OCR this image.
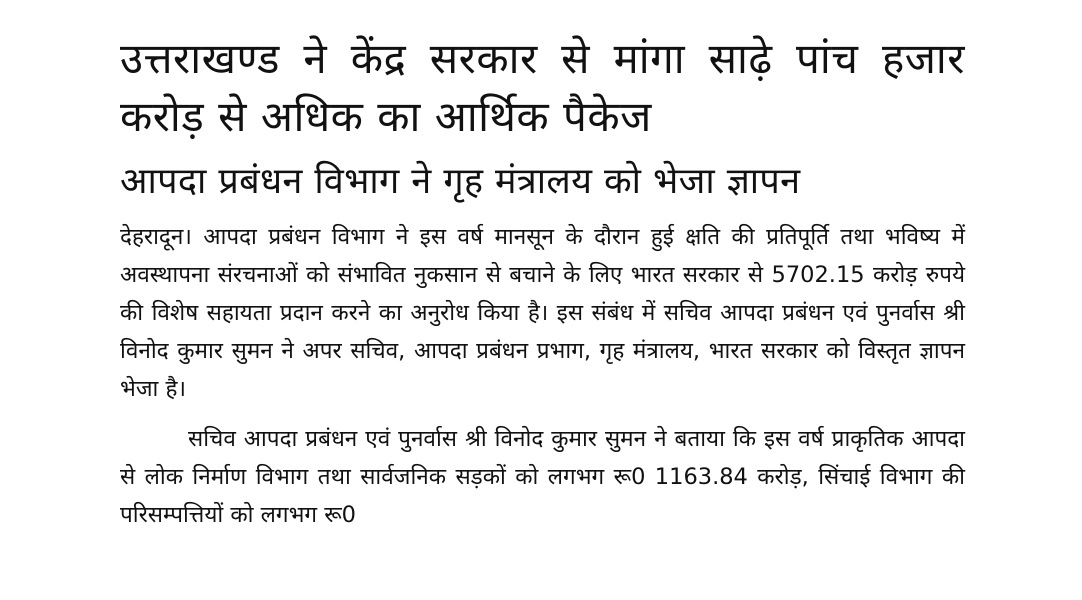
उत्तराखण्ड ने केंद्र सरकार से मांगा साढ़े पांच हजार करोड़ से अधिक का आर्थिक पैकेज
आपदा प्रबंधन विभाग ने गृह मंत्रालय को भेजा ज्ञापन

देहरादून। आपदा प्रबंधन विभाग ने इस वर्ष मानसून के दौरान हुई क्षति की प्रतिपूर्ति तथा भविष्य में अवस्थापना संरचनाओं को संभावित नुकसान से बचाने के लिए भारत सरकार से 5702.15 करोड़ रुपये की विशेष सहायता प्रदान करने का अनुरोध किया है। इस संबंध में सचिव आपदा प्रबंधन एवं पुनर्वास श्री विनोद कुमार सुमन ने अपर सचिव, आपदा प्रबंधन प्रभाग, गृह मंत्रालय, भारत सरकार को विस्तृत ज्ञापन भेजा है।

सचिव आपदा प्रबंधन एवं पुनर्वास श्री विनोद कुमार सुमन ने बताया कि इस वर्ष प्राकृतिक आपदा से लोक निर्माण विभाग तथा सार्वजनिक सड़कों को लगभग रू0 1163.84 करोड़, सिंचाई विभाग की परिसम्पत्तियों को लगभग रू0
